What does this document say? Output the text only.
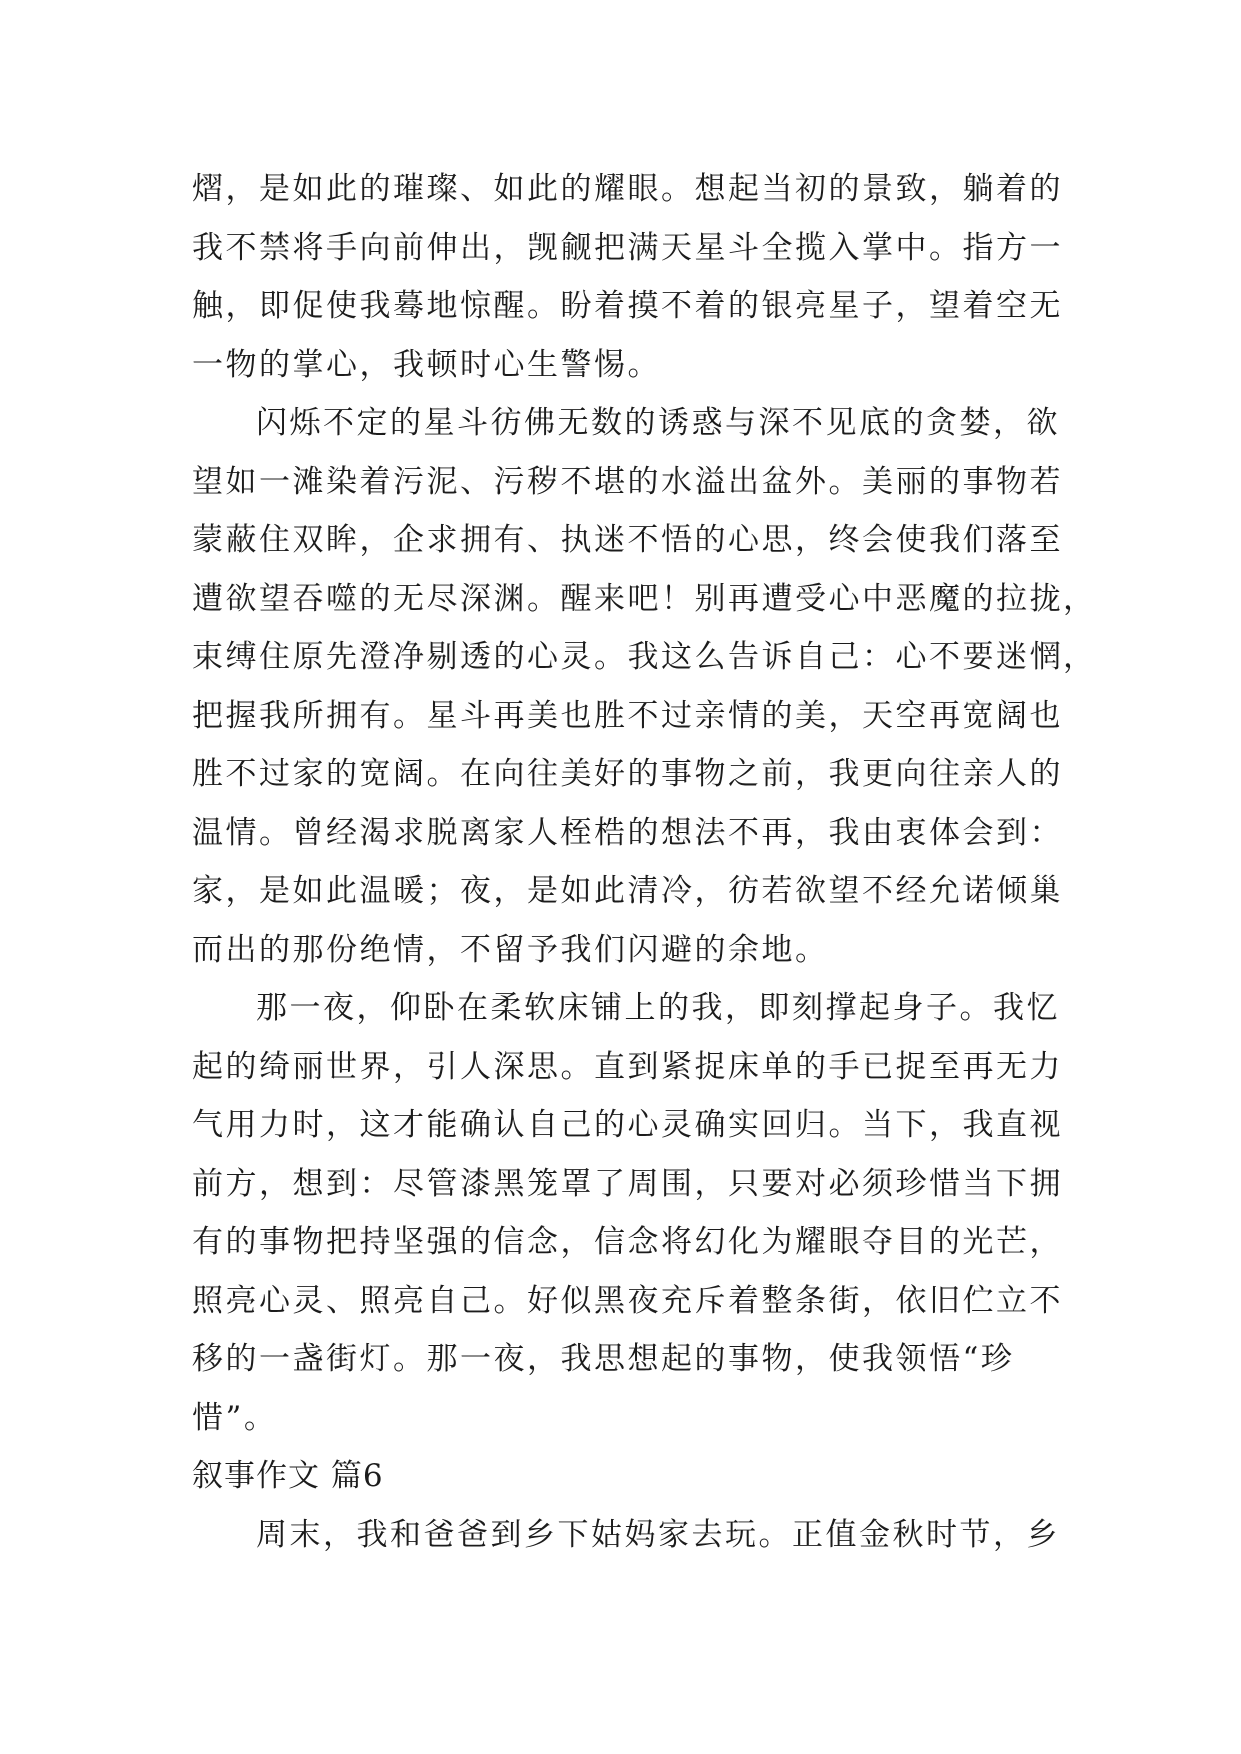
熠，是如此的璀璨、如此的耀眼。想起当初的景致，躺着的
我不禁将手向前伸出，觊觎把满天星斗全揽入掌中。指方一
触，即促使我蓦地惊醒。盼着摸不着的银亮星子，望着空无
一物的掌心，我顿时心生警惕。
闪烁不定的星斗彷佛无数的诱惑与深不见底的贪婪，欲
望如一滩染着污泥、污秽不堪的水溢出盆外。美丽的事物若
蒙蔽住双眸，企求拥有、执迷不悟的心思，终会使我们落至
遭欲望吞噬的无尽深渊。醒来吧！别再遭受心中恶魔的拉拢，
束缚住原先澄净剔透的心灵。我这么告诉自己：心不要迷惘，
把握我所拥有。星斗再美也胜不过亲情的美，天空再宽阔也
胜不过家的宽阔。在向往美好的事物之前，我更向往亲人的
温情。曾经渴求脱离家人桎梏的想法不再，我由衷体会到：
家，是如此温暖；夜，是如此清冷，彷若欲望不经允诺倾巢
而出的那份绝情，不留予我们闪避的余地。
那一夜，仰卧在柔软床铺上的我，即刻撑起身子。我忆
起的绮丽世界，引人深思。直到紧捉床单的手已捉至再无力
气用力时，这才能确认自己的心灵确实回归。当下，我直视
前方，想到：尽管漆黑笼罩了周围，只要对必须珍惜当下拥
有的事物把持坚强的信念，信念将幻化为耀眼夺目的光芒，
照亮心灵、照亮自己。好似黑夜充斥着整条街，依旧伫立不
移的一盏街灯。那一夜，我思想起的事物，使我领悟“珍
惜”。
叙事作文 篇6
周末，我和爸爸到乡下姑妈家去玩。正值金秋时节，乡
